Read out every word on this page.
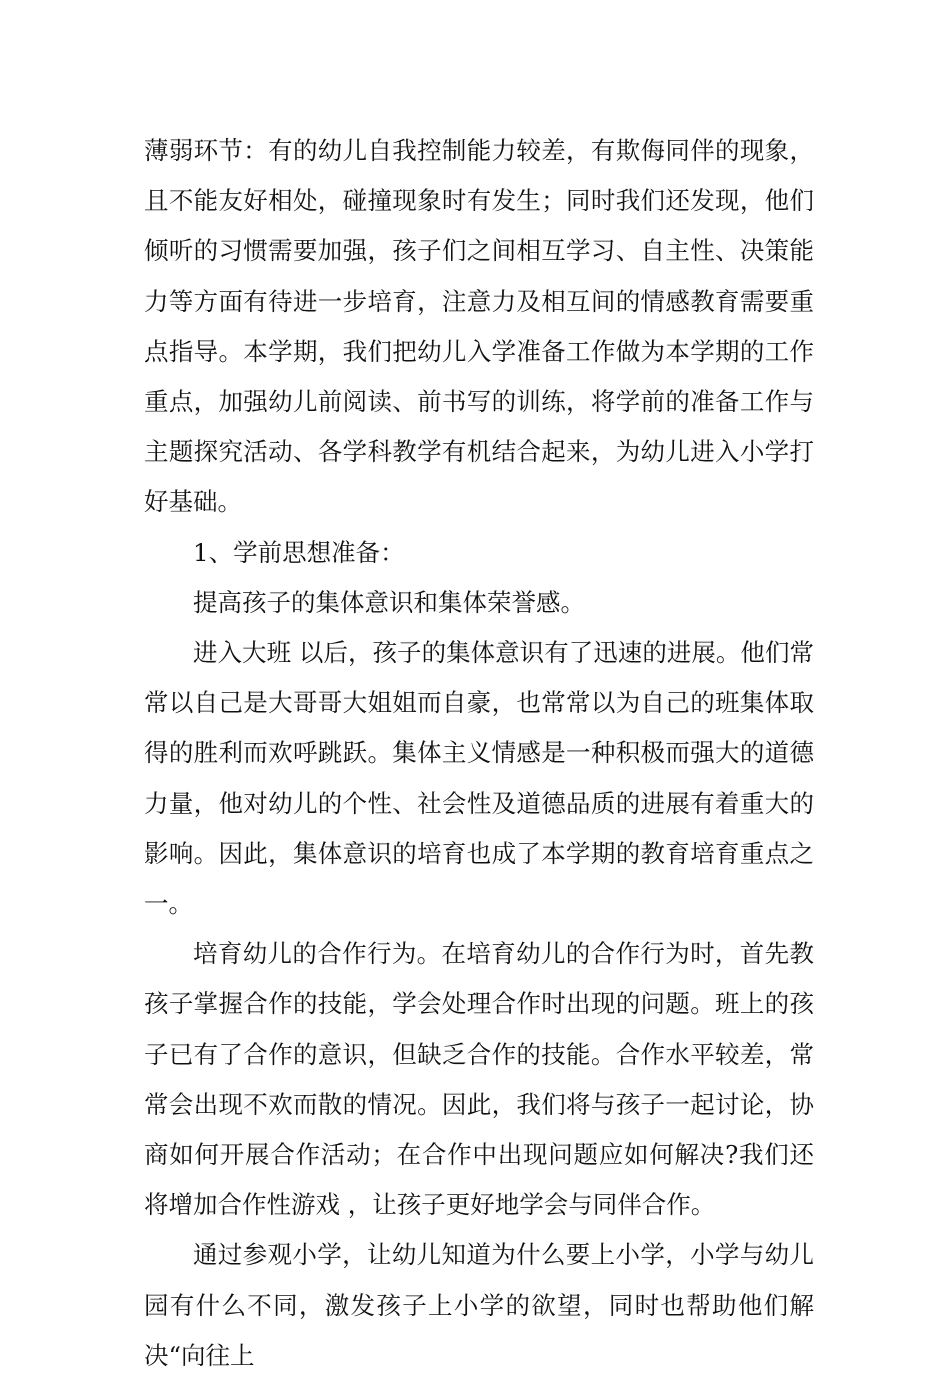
薄弱环节：有的幼儿自我控制能力较差，有欺侮同伴的现象，且不能友好相处，碰撞现象时有发生；同时我们还发现，他们倾听的习惯需要加强，孩子们之间相互学习、自主性、决策能力等方面有待进一步培育，注意力及相互间的情感教育需要重点指导。本学期，我们把幼儿入学准备工作做为本学期的工作重点，加强幼儿前阅读、前书写的训练，将学前的准备工作与主题探究活动、各学科教学有机结合起来，为幼儿进入小学打好基础。

1、学前思想准备：

提高孩子的集体意识和集体荣誉感。

进入大班 以后，孩子的集体意识有了迅速的进展。他们常常以自己是大哥哥大姐姐而自豪，也常常以为自己的班集体取得的胜利而欢呼跳跃。集体主义情感是一种积极而强大的道德力量，他对幼儿的个性、社会性及道德品质的进展有着重大的影响。因此，集体意识的培育也成了本学期的教育培育重点之一。

培育幼儿的合作行为。在培育幼儿的合作行为时，首先教孩子掌握合作的技能，学会处理合作时出现的问题。班上的孩子已有了合作的意识，但缺乏合作的技能。合作水平较差，常常会出现不欢而散的情况。因此，我们将与孩子一起讨论，协商如何开展合作活动；在合作中出现问题应如何解决?我们还将增加合作性游戏 ，让孩子更好地学会与同伴合作。

通过参观小学，让幼儿知道为什么要上小学，小学与幼儿园有什么不同，激发孩子上小学的欲望，同时也帮助他们解决“向往上
